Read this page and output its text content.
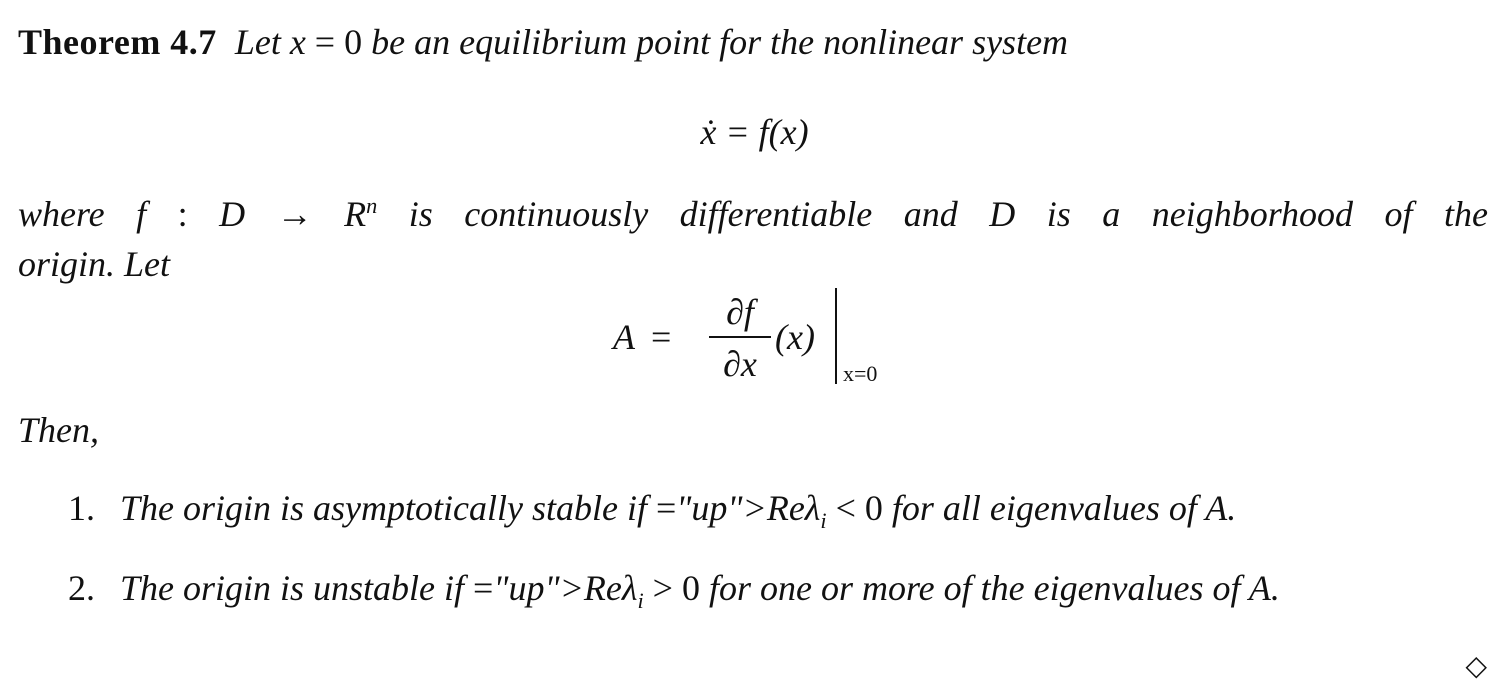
Theorem 4.7 Let x = 0 be an equilibrium point for the nonlinear system
ẋ = f(x)
where f : $D \to R^n$ is continuously differentiable and D is a neighborhood of the
origin. Let
A =
∂f
∂x
(x)
x=0
Then,
1. The origin is asymptotically stable if ="up">Reλ$_i$ < 0 for all eigenvalues of A.
2. The origin is unstable if ="up">Reλ$_i$ > 0 for one or more of the eigenvalues of A.
◇
